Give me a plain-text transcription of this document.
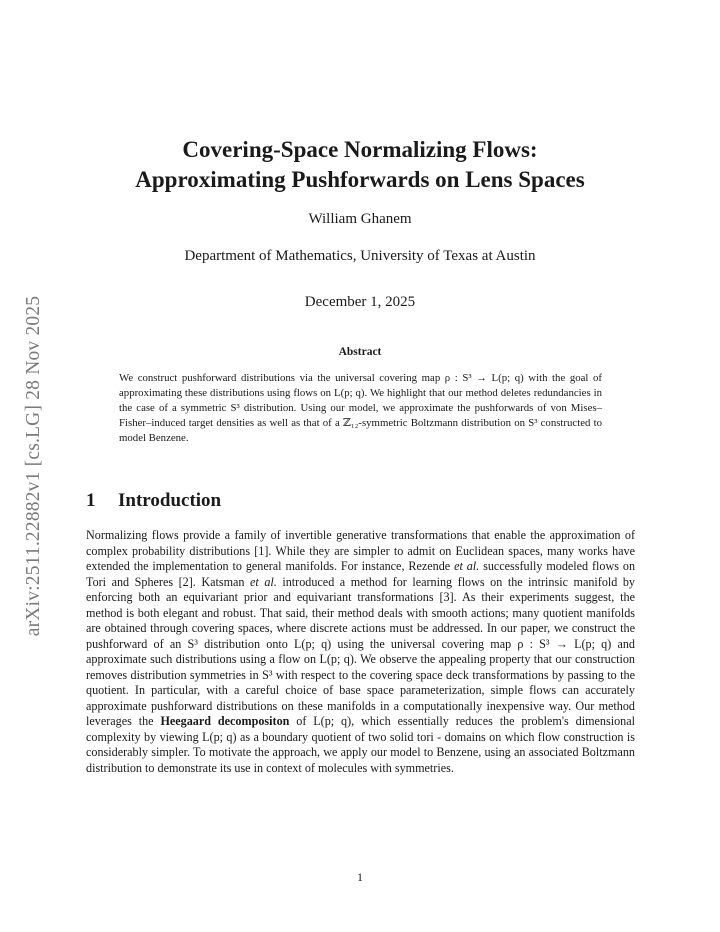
arXiv:2511.22882v1 [cs.LG] 28 Nov 2025
Covering-Space Normalizing Flows:
Approximating Pushforwards on Lens Spaces
William Ghanem
Department of Mathematics, University of Texas at Austin
December 1, 2025
Abstract
We construct pushforward distributions via the universal covering map ρ : S³ → L(p; q) with the goal of approximating these distributions using flows on L(p; q). We highlight that our method deletes redundancies in the case of a symmetric S³ distribution. Using our model, we approximate the pushforwards of von Mises–Fisher–induced target densities as well as that of a ℤ₁₂-symmetric Boltzmann distribution on S³ constructed to model Benzene.
1 Introduction
Normalizing flows provide a family of invertible generative transformations that enable the approximation of complex probability distributions [1]. While they are simpler to admit on Euclidean spaces, many works have extended the implementation to general manifolds. For instance, Rezende et al. successfully modeled flows on Tori and Spheres [2]. Katsman et al. introduced a method for learning flows on the intrinsic manifold by enforcing both an equivariant prior and equivariant transformations [3]. As their experiments suggest, the method is both elegant and robust. That said, their method deals with smooth actions; many quotient manifolds are obtained through covering spaces, where discrete actions must be addressed. In our paper, we construct the pushforward of an S³ distribution onto L(p; q) using the universal covering map ρ : S³ → L(p; q) and approximate such distributions using a flow on L(p; q). We observe the appealing property that our construction removes distribution symmetries in S³ with respect to the covering space deck transformations by passing to the quotient. In particular, with a careful choice of base space parameterization, simple flows can accurately approximate pushforward distributions on these manifolds in a computationally inexpensive way. Our method leverages the Heegaard decompositon of L(p; q), which essentially reduces the problem's dimensional complexity by viewing L(p; q) as a boundary quotient of two solid tori - domains on which flow construction is considerably simpler. To motivate the approach, we apply our model to Benzene, using an associated Boltzmann distribution to demonstrate its use in context of molecules with symmetries.
1
